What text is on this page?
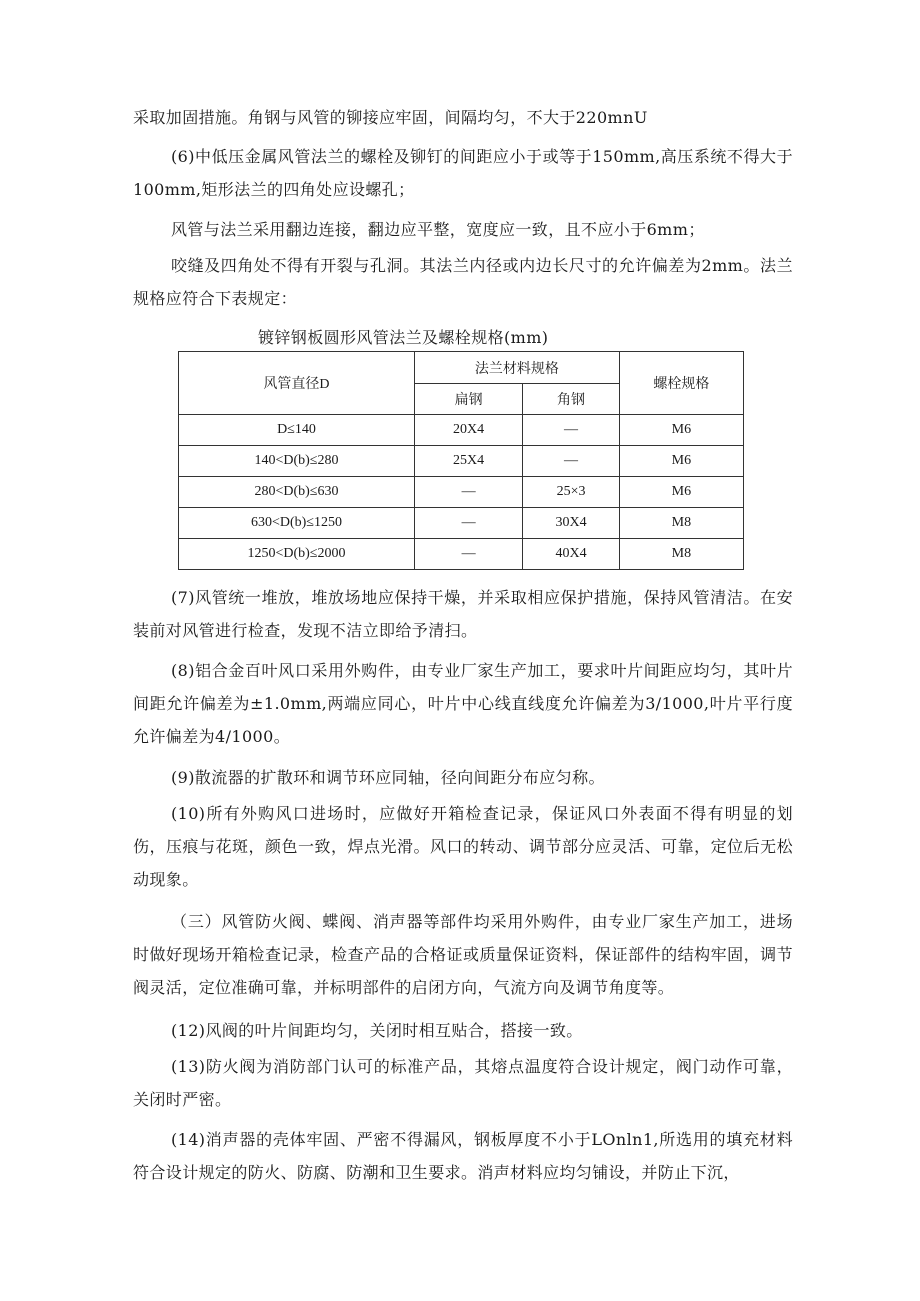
采取加固措施。角钢与风管的铆接应牢固，间隔均匀，不大于220mnU

(6)中低压金属风管法兰的螺栓及铆钉的间距应小于或等于150mm,高压系统不得大于100mm,矩形法兰的四角处应设螺孔；

风管与法兰采用翻边连接，翻边应平整，宽度应一致，且不应小于6mm；

咬缝及四角处不得有开裂与孔洞。其法兰内径或内边长尺寸的允许偏差为2mm。法兰规格应符合下表规定：

镀锌钢板圆形风管法兰及螺栓规格(mm)

风管直径D	法兰材料规格		螺栓规格
	扁钢	角钢	
D≤140	20X4	—	M6
140<D(b)≤280	25X4	—	M6
280<D(b)≤630	—	25×3	M6
630<D(b)≤1250	—	30X4	M8
1250<D(b)≤2000	—	40X4	M8

(7)风管统一堆放，堆放场地应保持干燥，并采取相应保护措施，保持风管清洁。在安装前对风管进行检查，发现不洁立即给予清扫。

(8)铝合金百叶风口采用外购件，由专业厂家生产加工，要求叶片间距应均匀，其叶片间距允许偏差为±1.0mm,两端应同心，叶片中心线直线度允许偏差为3/1000,叶片平行度允许偏差为4/1000。

(9)散流器的扩散环和调节环应同轴，径向间距分布应匀称。

(10)所有外购风口进场时，应做好开箱检查记录，保证风口外表面不得有明显的划伤，压痕与花斑，颜色一致，焊点光滑。风口的转动、调节部分应灵活、可靠，定位后无松动现象。

（三）风管防火阀、蝶阀、消声器等部件均采用外购件，由专业厂家生产加工，进场时做好现场开箱检查记录，检查产品的合格证或质量保证资料，保证部件的结构牢固，调节阀灵活，定位准确可靠，并标明部件的启闭方向，气流方向及调节角度等。

(12)风阀的叶片间距均匀，关闭时相互贴合，搭接一致。

(13)防火阀为消防部门认可的标准产品，其熔点温度符合设计规定，阀门动作可靠，关闭时严密。

(14)消声器的壳体牢固、严密不得漏风，钢板厚度不小于LOnln1,所选用的填充材料符合设计规定的防火、防腐、防潮和卫生要求。消声材料应均匀铺设，并防止下沉，
